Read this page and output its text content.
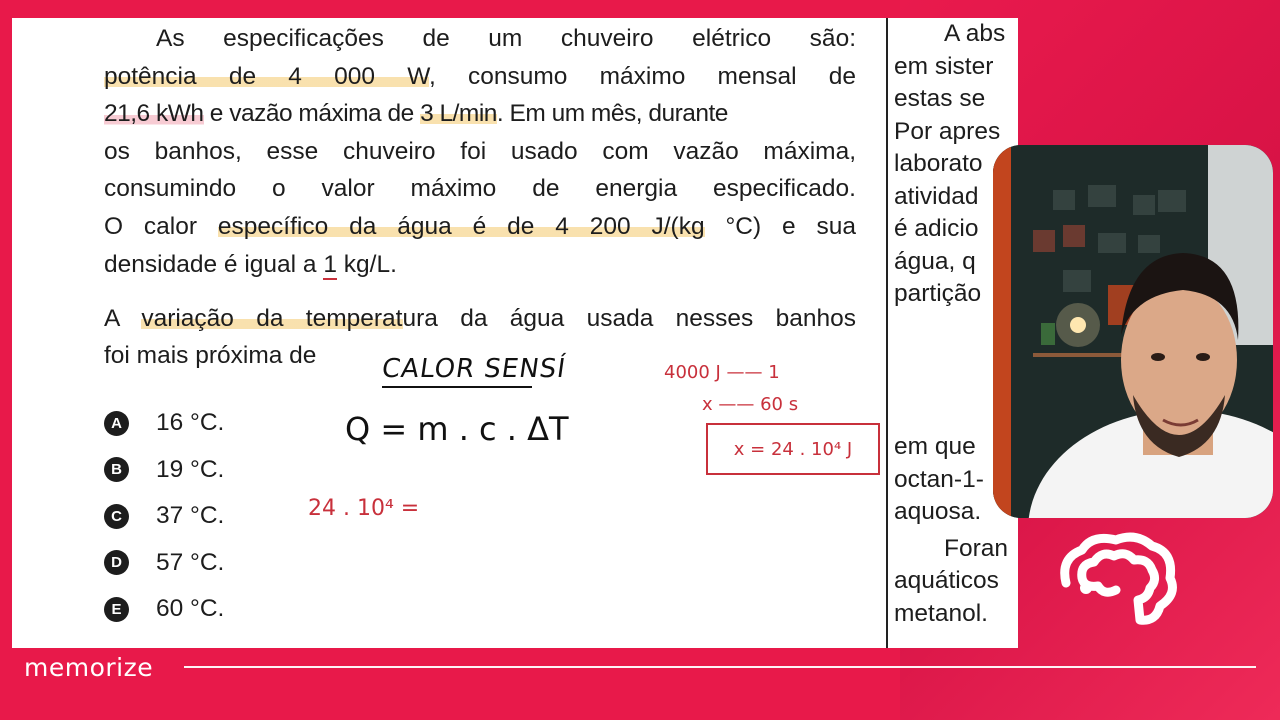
As especificações de um chuveiro elétrico são:
potência de 4 000 W, consumo máximo mensal de
21,6 kWh e vazão máxima de 3 L/min. Em um mês, durante
os banhos, esse chuveiro foi usado com vazão máxima,
consumindo o valor máximo de energia especificado.
O calor específico da água é de 4 200 J/(kg °C) e sua
densidade é igual a 1 kg/L.
A variação da temperatura da água usada nesses banhos
foi mais próxima de
A 16 °C.
B 19 °C.
C 37 °C.
D 57 °C.
E	60 °C.
CALOR SENSÍ
Q = m . c . ΔT
24 . 10⁴ =
4000 J —— 1
x —— 60 s
x = 24 . 10⁴ J
A abs
em sister
estas se
Por apres
laborato
atividad
é adicio
água, q
partição
em que
octan-1-
aquosa.
Foran
aquáticos
metanol.
memorize
